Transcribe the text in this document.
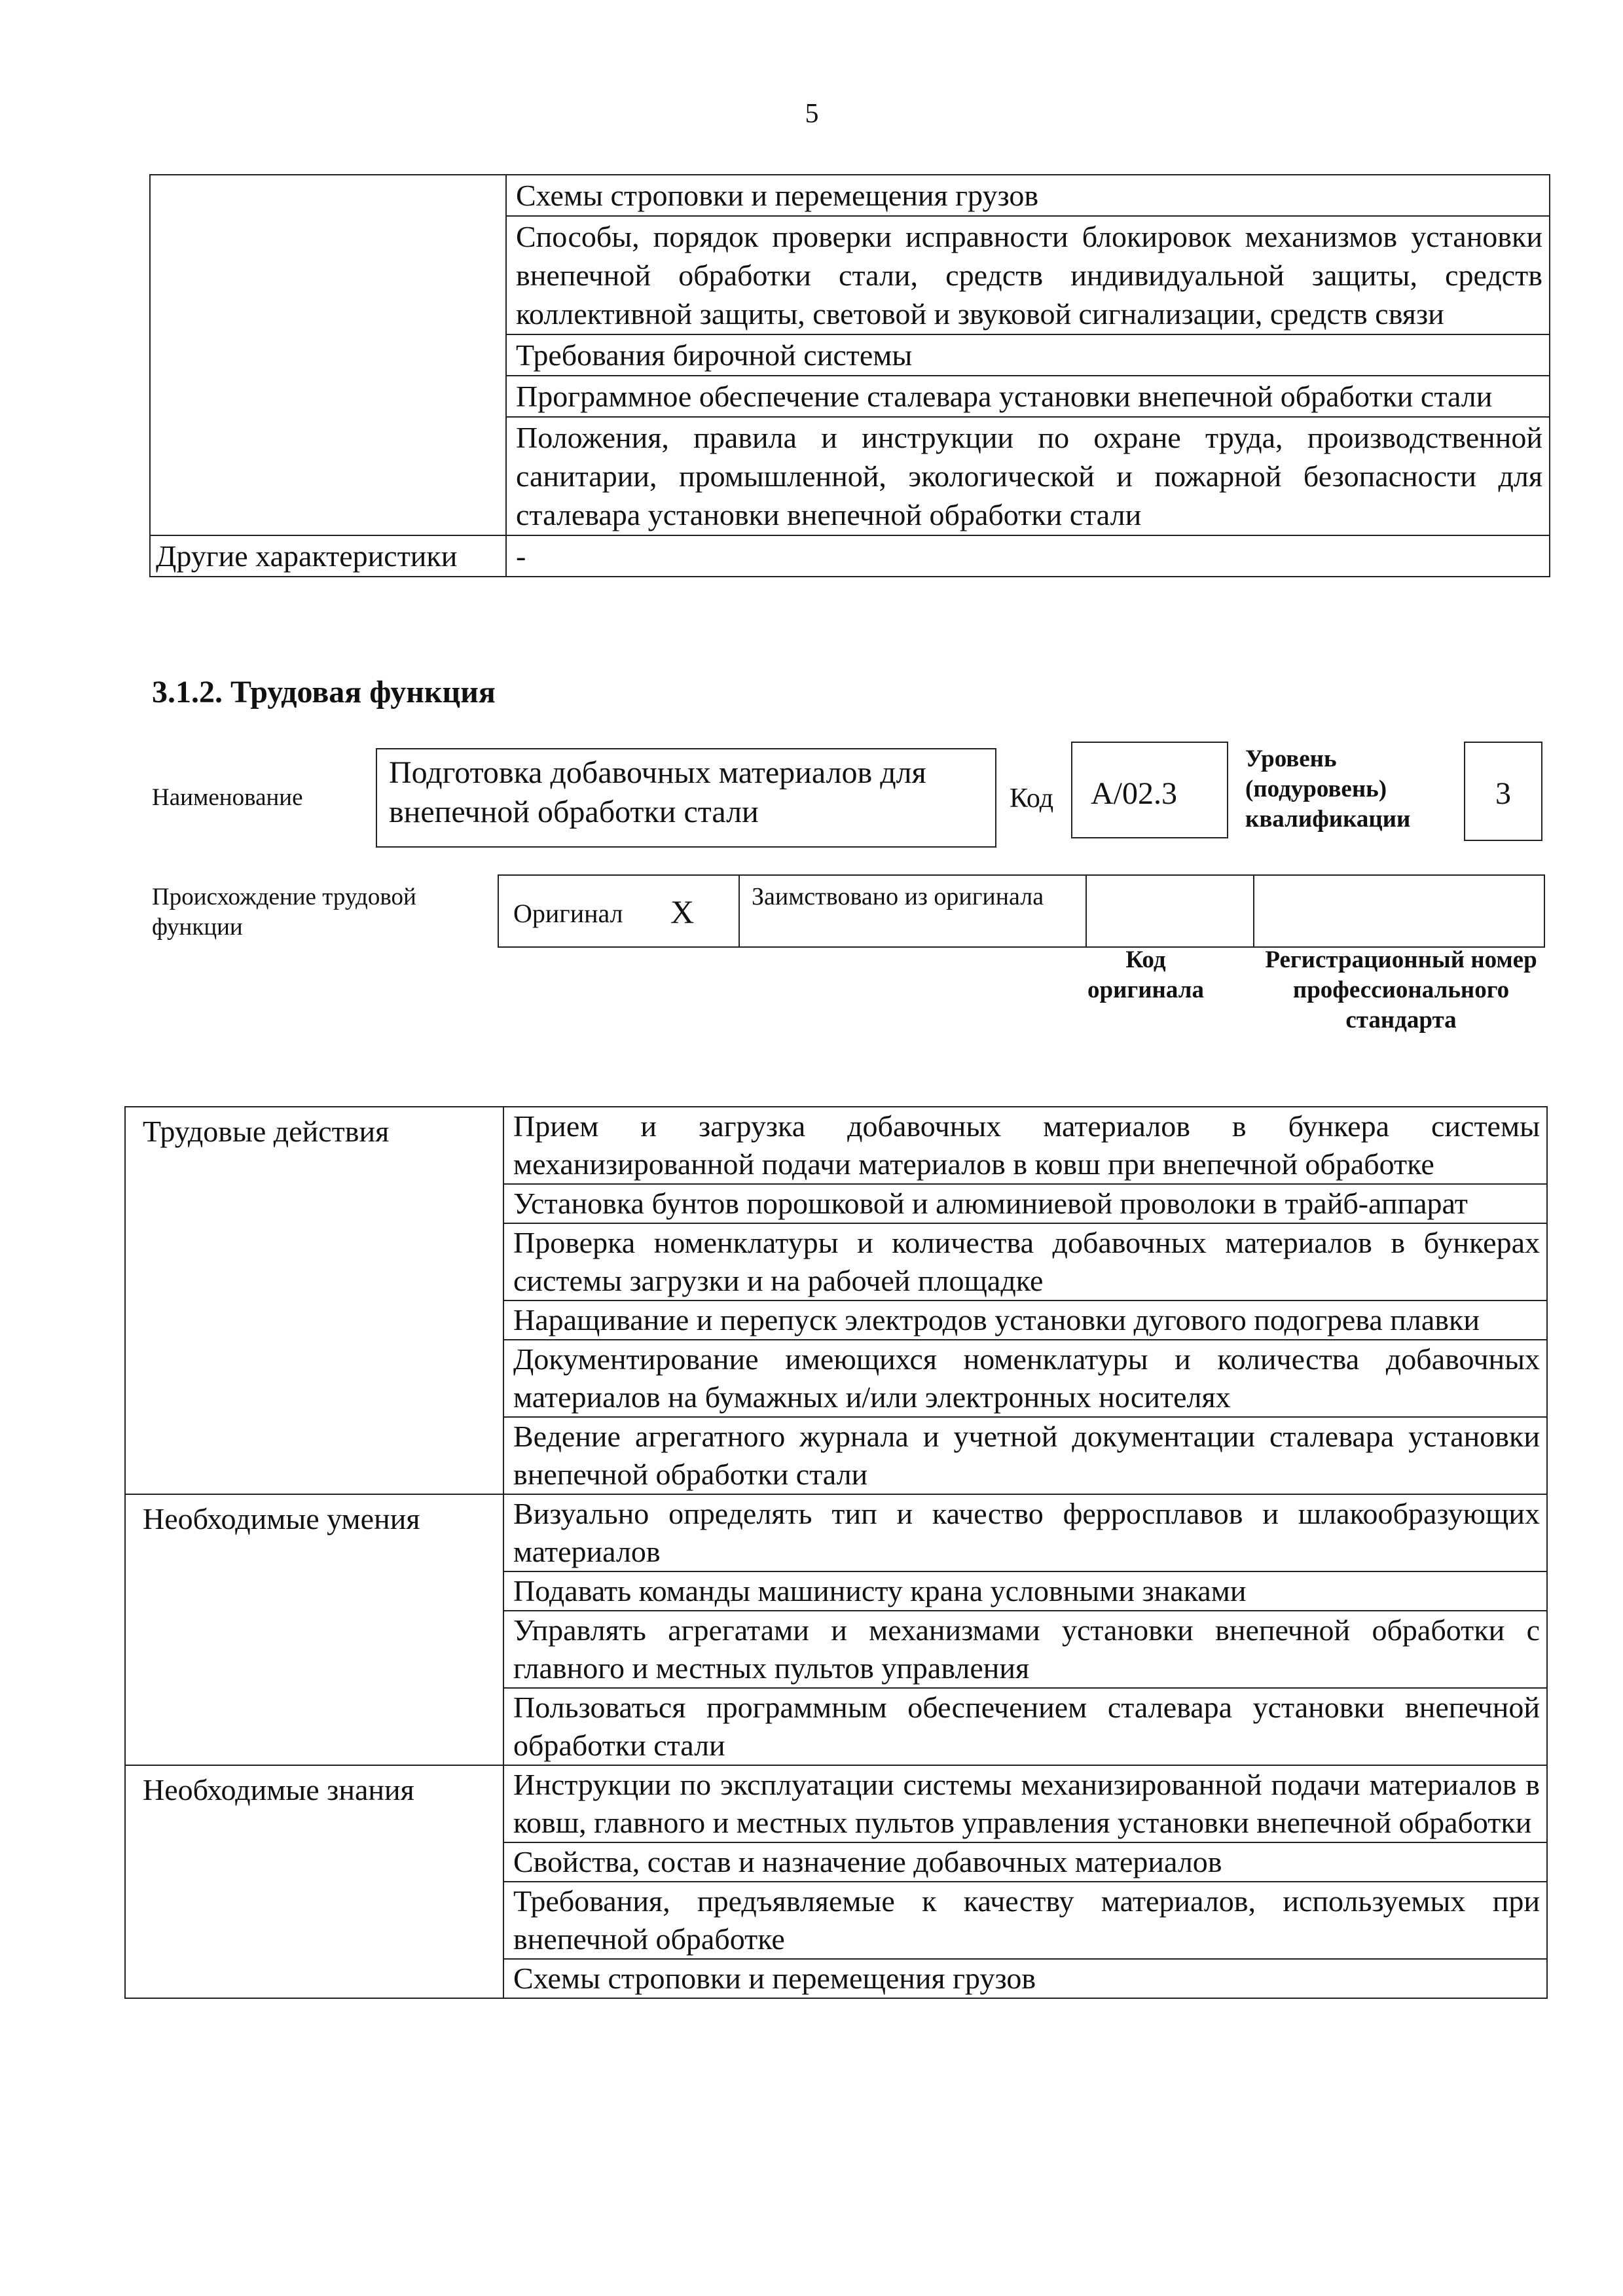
5
	Схемы строповки и перемещения грузов
	Способы, порядок проверки исправности блокировок механизмов установки внепечной обработки стали, средств индивидуальной защиты, средств коллективной защиты, световой и звуковой сигнализации, средств связи
	Требования бирочной системы
	Программное обеспечение сталевара установки внепечной обработки стали
	Положения, правила и инструкции по охране труда, производственной санитарии, промышленной, экологической и пожарной безопасности для сталевара установки внепечной обработки стали
Другие характеристики	-
3.1.2. Трудовая функция
Наименование
Подготовка добавочных материалов для внепечной обработки стали	Код	А/02.3
Уровень (подуровень) квалификации
3
Происхождение трудовой функции	Оригинал X Заимствовано из оригинала
Код оригинала
Регистрационный номер профессионального стандарта
Трудовые действия	Прием и загрузка добавочных материалов в бункера системы механизированной подачи материалов в ковш при внепечной обработке
	Установка бунтов порошковой и алюминиевой проволоки в трайб-аппарат
	Проверка номенклатуры и количества добавочных материалов в бункерах системы загрузки и на рабочей площадке
	Наращивание и перепуск электродов установки дугового подогрева плавки
	Документирование имеющихся номенклатуры и количества добавочных материалов на бумажных и/или электронных носителях
	Ведение агрегатного журнала и учетной документации сталевара установки внепечной обработки стали
Необходимые умения	Визуально определять тип и качество ферросплавов и шлакообразующих материалов
	Подавать команды машинисту крана условными знаками
	Управлять агрегатами и механизмами установки внепечной обработки с главного и местных пультов управления
	Пользоваться программным обеспечением сталевара установки внепечной обработки стали
Необходимые знания	Инструкции по эксплуатации системы механизированной подачи материалов в ковш, главного и местных пультов управления установки внепечной обработки
	Свойства, состав и назначение добавочных материалов
	Требования, предъявляемые к качеству материалов, используемых при внепечной обработке
	Схемы строповки и перемещения грузов
